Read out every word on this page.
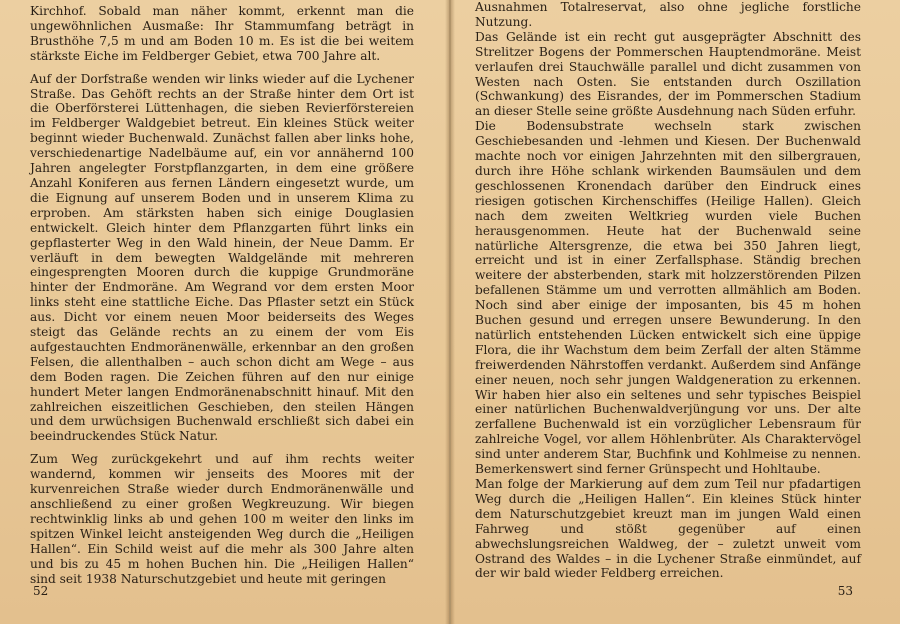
Kirchhof. Sobald man näher kommt, erkennt man die ungewöhnlichen Ausmaße: Ihr Stammumfang beträgt in Brusthöhe 7,5 m und am Boden 10 m. Es ist die bei weitem stärkste Eiche im Feldberger Gebiet, etwa 700 Jahre alt.

Auf der Dorfstraße wenden wir links wieder auf die Lychener Straße. Das Gehöft rechts an der Straße hinter dem Ort ist die Oberförsterei Lüttenhagen, die sieben Revierförstereien im Feldberger Waldgebiet betreut. Ein kleines Stück weiter beginnt wieder Buchenwald. Zunächst fallen aber links hohe, verschiedenartige Nadelbäume auf, ein vor annähernd 100 Jahren angelegter Forstpflanzgarten, in dem eine größere Anzahl Koniferen aus fernen Ländern eingesetzt wurde, um die Eignung auf unserem Boden und in unserem Klima zu erproben. Am stärksten haben sich einige Douglasien entwickelt. Gleich hinter dem Pflanzgarten führt links ein gepflasterter Weg in den Wald hinein, der Neue Damm. Er verläuft in dem bewegten Waldgelände mit mehreren eingesprengten Mooren durch die kuppige Grundmoräne hinter der Endmoräne. Am Wegrand vor dem ersten Moor links steht eine stattliche Eiche. Das Pflaster setzt ein Stück aus. Dicht vor einem neuen Moor beiderseits des Weges steigt das Gelände rechts an zu einem der vom Eis aufgestauchten Endmoränenwälle, erkennbar an den großen Felsen, die allenthalben – auch schon dicht am Wege – aus dem Boden ragen. Die Zeichen führen auf den nur einige hundert Meter langen Endmoränenabschnitt hinauf. Mit den zahlreichen eiszeitlichen Geschieben, den steilen Hängen und dem urwüchsigen Buchenwald erschließt sich dabei ein beeindruckendes Stück Natur.

Zum Weg zurückgekehrt und auf ihm rechts weiter wandernd, kommen wir jenseits des Moores mit der kurvenreichen Straße wieder durch Endmoränenwälle und anschließend zu einer großen Wegkreuzung. Wir biegen rechtwinklig links ab und gehen 100 m weiter den links im spitzen Winkel leicht ansteigenden Weg durch die „Heiligen Hallen“. Ein Schild weist auf die mehr als 300 Jahre alten und bis zu 45 m hohen Buchen hin. Die „Heiligen Hallen“ sind seit 1938 Naturschutzgebiet und heute mit geringen

52

Ausnahmen Totalreservat, also ohne jegliche forstliche Nutzung.

Das Gelände ist ein recht gut ausgeprägter Abschnitt des Strelitzer Bogens der Pommerschen Hauptendmoräne. Meist verlaufen drei Stauchwälle parallel und dicht zusammen von Westen nach Osten. Sie entstanden durch Oszillation (Schwankung) des Eisrandes, der im Pommerschen Stadium an dieser Stelle seine größte Ausdehnung nach Süden erfuhr.

Die Bodensubstrate wechseln stark zwischen Geschiebesanden und -lehmen und Kiesen. Der Buchenwald machte noch vor einigen Jahrzehnten mit den silbergrauen, durch ihre Höhe schlank wirkenden Baumsäulen und dem geschlossenen Kronendach darüber den Eindruck eines riesigen gotischen Kirchenschiffes (Heilige Hallen). Gleich nach dem zweiten Weltkrieg wurden viele Buchen herausgenommen. Heute hat der Buchenwald seine natürliche Altersgrenze, die etwa bei 350 Jahren liegt, erreicht und ist in einer Zerfallsphase. Ständig brechen weitere der absterbenden, stark mit holzzerstörenden Pilzen befallenen Stämme um und verrotten allmählich am Boden. Noch sind aber einige der imposanten, bis 45 m hohen Buchen gesund und erregen unsere Bewunderung. In den natürlich entstehenden Lücken entwickelt sich eine üppige Flora, die ihr Wachstum dem beim Zerfall der alten Stämme freiwerdenden Nährstoffen verdankt. Außerdem sind Anfänge einer neuen, noch sehr jungen Waldgeneration zu erkennen. Wir haben hier also ein seltenes und sehr typisches Beispiel einer natürlichen Buchenwaldverjüngung vor uns. Der alte zerfallene Buchenwald ist ein vorzüglicher Lebensraum für zahlreiche Vogel, vor allem Höhlenbrüter. Als Charaktervögel sind unter anderem Star, Buchfink und Kohlmeise zu nennen. Bemerkenswert sind ferner Grünspecht und Hohltaube.

Man folge der Markierung auf dem zum Teil nur pfadartigen Weg durch die „Heiligen Hallen“. Ein kleines Stück hinter dem Naturschutzgebiet kreuzt man im jungen Wald einen Fahrweg und stößt gegenüber auf einen abwechslungsreichen Waldweg, der – zuletzt unweit vom Ostrand des Waldes – in die Lychener Straße einmündet, auf der wir bald wieder Feldberg erreichen.

53
